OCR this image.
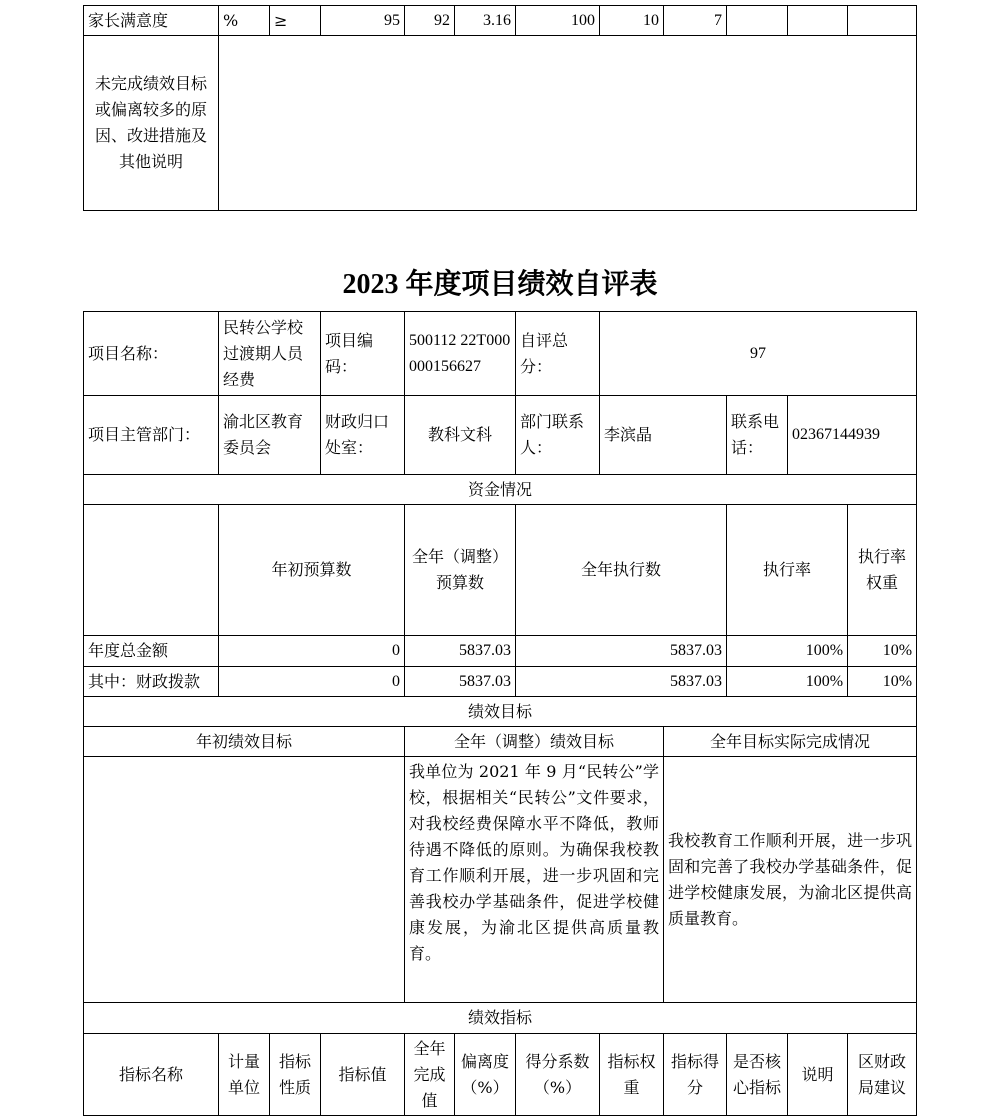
家长满意度	%	≥	95	92	3.16	100	10	7			
未完成绩效目标或偏离较多的原因、改进措施及其他说明											
2023 年度项目绩效自评表
项目名称：	民转公学校过渡期人员经费		项目编码：	500112 22T000000156627		自评总分：	97					
项目主管部门：	渝北区教育委员会		财政归口处室：	教科文科		部门联系人：	李滨晶		联系电话：	02367144939		
资金情况												
	年初预算数			全年（调整）预算数		全年执行数			执行率		执行率权重	
年度总金额	0			5837.03		5837.03			100%		10%	
其中：财政拨款	0			5837.03		5837.03			100%		10%	
绩效目标												
年初绩效目标				全年（调整）绩效目标				全年目标实际完成情况				
				我单位为 2021 年 9 月“民转公”学校，根据相关“民转公”文件要求，对我校经费保障水平不降低，教师待遇不降低的原则。为确保我校教育工作顺利开展，进一步巩固和完善我校办学基础条件，促进学校健康发展，为渝北区提供高质量教育。				我校教育工作顺利开展，进一步巩固和完善了我校办学基础条件，促进学校健康发展，为渝北区提供高质量教育。				
绩效指标												
指标名称	计量单位	指标性质	指标值	全年完成值	偏离度（%）	得分系数（%）	指标权重	指标得分	是否核心指标	说明	区财政局建议	
